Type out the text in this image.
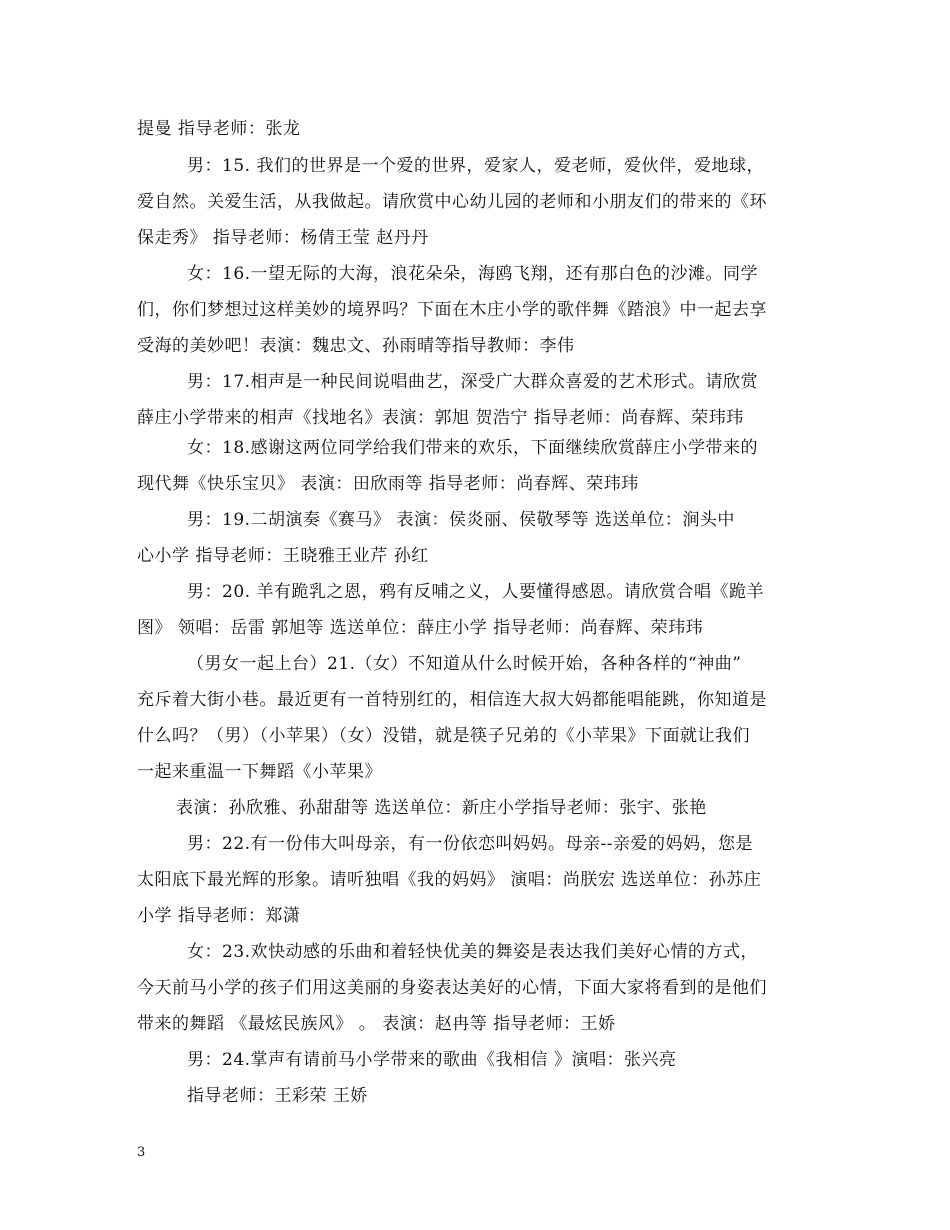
提曼 指导老师：张龙
男：15. 我们的世界是一个爱的世界，爱家人，爱老师，爱伙伴，爱地球，
爱自然。关爱生活，从我做起。请欣赏中心幼儿园的老师和小朋友们的带来的《环
保走秀》 指导老师：杨倩王莹 赵丹丹
女：16.一望无际的大海，浪花朵朵，海鸥飞翔，还有那白色的沙滩。同学
们，你们梦想过这样美妙的境界吗？下面在木庄小学的歌伴舞《踏浪》中一起去享
受海的美妙吧！表演：魏忠文、孙雨晴等指导教师：李伟
男：17.相声是一种民间说唱曲艺，深受广大群众喜爱的艺术形式。请欣赏
薛庄小学带来的相声《找地名》表演：郭旭 贺浩宁 指导老师：尚春辉、荣玮玮
女：18.感谢这两位同学给我们带来的欢乐，下面继续欣赏薛庄小学带来的
现代舞《快乐宝贝》 表演：田欣雨等 指导老师：尚春辉、荣玮玮
男：19.二胡演奏《赛马》 表演：侯炎丽、侯敬琴等 选送单位：涧头中
心小学 指导老师：王晓雅王业芹 孙红
男：20. 羊有跪乳之恩，鸦有反哺之义，人要懂得感恩。请欣赏合唱《跪羊
图》 领唱：岳雷 郭旭等 选送单位：薛庄小学 指导老师：尚春辉、荣玮玮
（男女一起上台）21.（女）不知道从什么时候开始，各种各样的“神曲”
充斥着大街小巷。最近更有一首特别红的，相信连大叔大妈都能唱能跳，你知道是
什么吗？（男）（小苹果）（女）没错，就是筷子兄弟的《小苹果》下面就让我们
一起来重温一下舞蹈《小苹果》
表演：孙欣雅、孙甜甜等 选送单位：新庄小学指导老师：张宇、张艳
男：22.有一份伟大叫母亲，有一份依恋叫妈妈。母亲--亲爱的妈妈，您是
太阳底下最光辉的形象。请听独唱《我的妈妈》 演唱：尚朕宏 选送单位：孙苏庄
小学 指导老师：郑潇
女：23.欢快动感的乐曲和着轻快优美的舞姿是表达我们美好心情的方式，
今天前马小学的孩子们用这美丽的身姿表达美好的心情，下面大家将看到的是他们
带来的舞蹈 《最炫民族风》 。 表演：赵冉等 指导老师：王娇
男：24.掌声有请前马小学带来的歌曲《我相信 》演唱：张兴亮
指导老师：王彩荣 王娇
3
